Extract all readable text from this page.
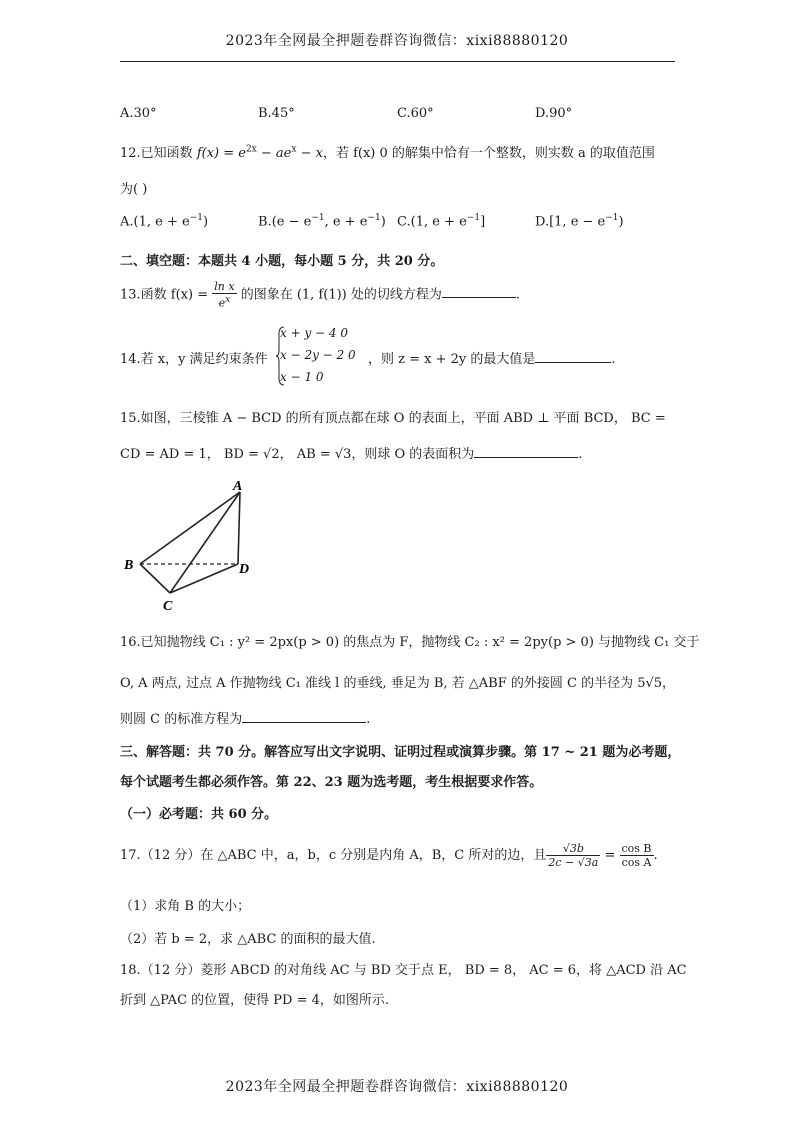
2023年全网最全押题卷群咨询微信：xixi88880120
A.30°	B.45°	C.60°	D.90°
12.已知函数 $f(x) = e^{2x} - ae^x - x$，若 f(x) 0 的解集中恰有一个整数，则实数 a 的取值范围
为( )
A.(1, $e + e^{-1}$)	$B.(e - e^{-1}$, $e + e^{-1}$) C.(1, $e + e^{-1}$]	D.[1, $e - e^{-1}$)
二、填空题：本题共 4 小题，每小题 5 分，共 20 分。
13.函数 $f(x) = \frac{\text{ln x}}{e^x}$ 的图象在 (1, f(1)) 处的切线方程为	.
14.若 x，y 满足约束条件
x + y − 4 0
x − 2y − 2 0
x − 1 0
，则 z = x + 2y 的最大值是	.
15.如图，三棱锥 A − BCD 的所有顶点都在球 O 的表面上，平面 ABD ⊥ 平面 BCD， BC =
CD = AD = 1， BD = √2， AB = √3，则球 O 的表面积为	.
A
B
C
D
16.已知抛物线 C₁ : y² = 2px(p > 0) 的焦点为 F，抛物线 C₂ : x² = 2py(p > 0) 与抛物线 C₁ 交于
O, A 两点, 过点 A 作抛物线 C₁ 准线 l 的垂线, 垂足为 B, 若 △ABF 的外接圆 C 的半径为 5√5，
则圆 C 的标准方程为	.
三、解答题：共 70 分。解答应写出文字说明、证明过程或演算步骤。第 17 ~ 21 题为必考题，
每个试题考生都必须作答。第 22、23 题为选考题，考生根据要求作答。
（一）必考题：共 60 分。
17.（12 分）在 △ABC 中，a，b，c 分别是内角 A，B，C 所对的边，且 $\frac{√3b}{2c - √3a} = \frac{\text{cos B}}{\text{cos A}}$ .
（1）求角 B 的大小；
（2）若 b = 2，求 △ABC 的面积的最大值.
18.（12 分）菱形 ABCD 的对角线 AC 与 BD 交于点 E， BD = 8， AC = 6，将 △ACD 沿 AC
折到 △PAC 的位置，使得 PD = 4，如图所示.
2023年全网最全押题卷群咨询微信：xixi88880120
